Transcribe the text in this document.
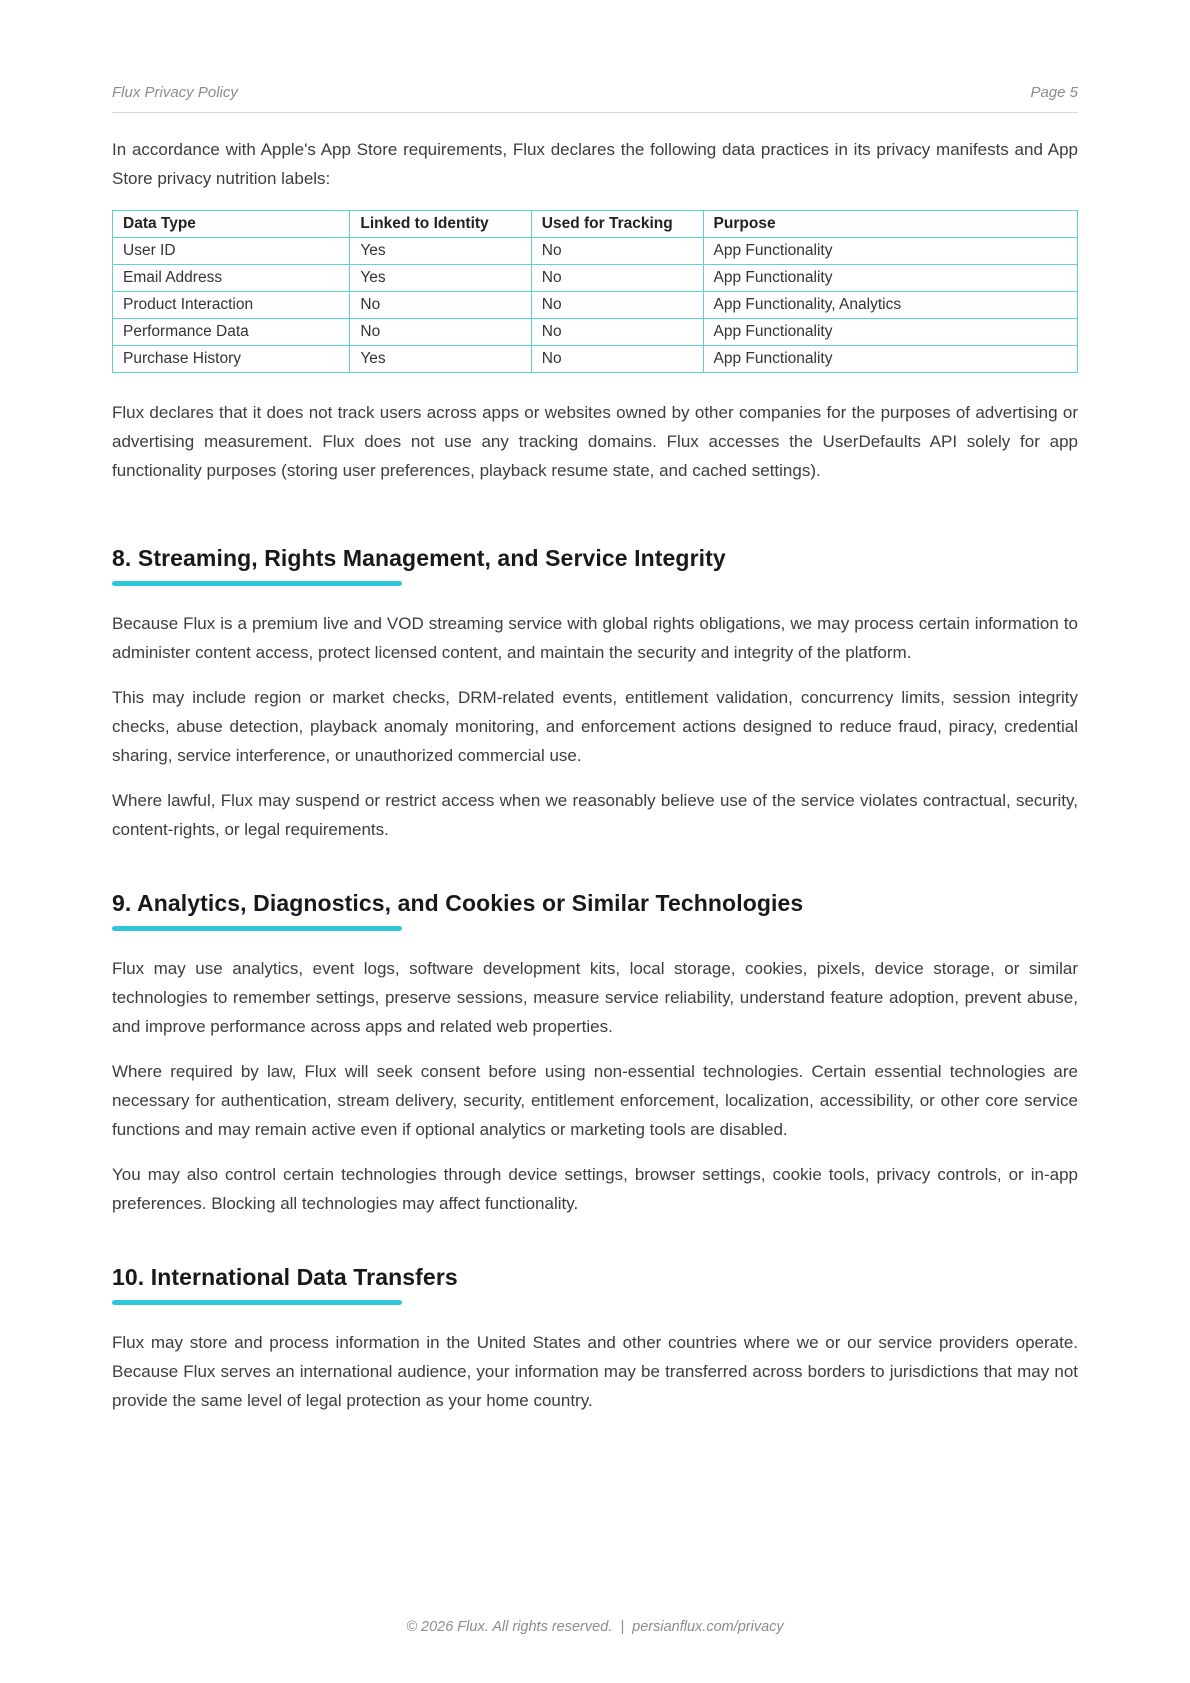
Flux Privacy Policy	Page 5

In accordance with Apple's App Store requirements, Flux declares the following data practices in its privacy manifests and App Store privacy nutrition labels:

Data Type	Linked to Identity	Used for Tracking	Purpose
User ID	Yes	No	App Functionality
Email Address	Yes	No	App Functionality
Product Interaction	No	No	App Functionality, Analytics
Performance Data	No	No	App Functionality
Purchase History	Yes	No	App Functionality

Flux declares that it does not track users across apps or websites owned by other companies for the purposes of advertising or advertising measurement. Flux does not use any tracking domains. Flux accesses the UserDefaults API solely for app functionality purposes (storing user preferences, playback resume state, and cached settings).

8. Streaming, Rights Management, and Service Integrity

Because Flux is a premium live and VOD streaming service with global rights obligations, we may process certain information to administer content access, protect licensed content, and maintain the security and integrity of the platform.

This may include region or market checks, DRM-related events, entitlement validation, concurrency limits, session integrity checks, abuse detection, playback anomaly monitoring, and enforcement actions designed to reduce fraud, piracy, credential sharing, service interference, or unauthorized commercial use.

Where lawful, Flux may suspend or restrict access when we reasonably believe use of the service violates contractual, security, content-rights, or legal requirements.

9. Analytics, Diagnostics, and Cookies or Similar Technologies

Flux may use analytics, event logs, software development kits, local storage, cookies, pixels, device storage, or similar technologies to remember settings, preserve sessions, measure service reliability, understand feature adoption, prevent abuse, and improve performance across apps and related web properties.

Where required by law, Flux will seek consent before using non-essential technologies. Certain essential technologies are necessary for authentication, stream delivery, security, entitlement enforcement, localization, accessibility, or other core service functions and may remain active even if optional analytics or marketing tools are disabled.

You may also control certain technologies through device settings, browser settings, cookie tools, privacy controls, or in-app preferences. Blocking all technologies may affect functionality.

10. International Data Transfers

Flux may store and process information in the United States and other countries where we or our service providers operate. Because Flux serves an international audience, your information may be transferred across borders to jurisdictions that may not provide the same level of legal protection as your home country.

© 2026 Flux. All rights reserved.  |  persianflux.com/privacy
